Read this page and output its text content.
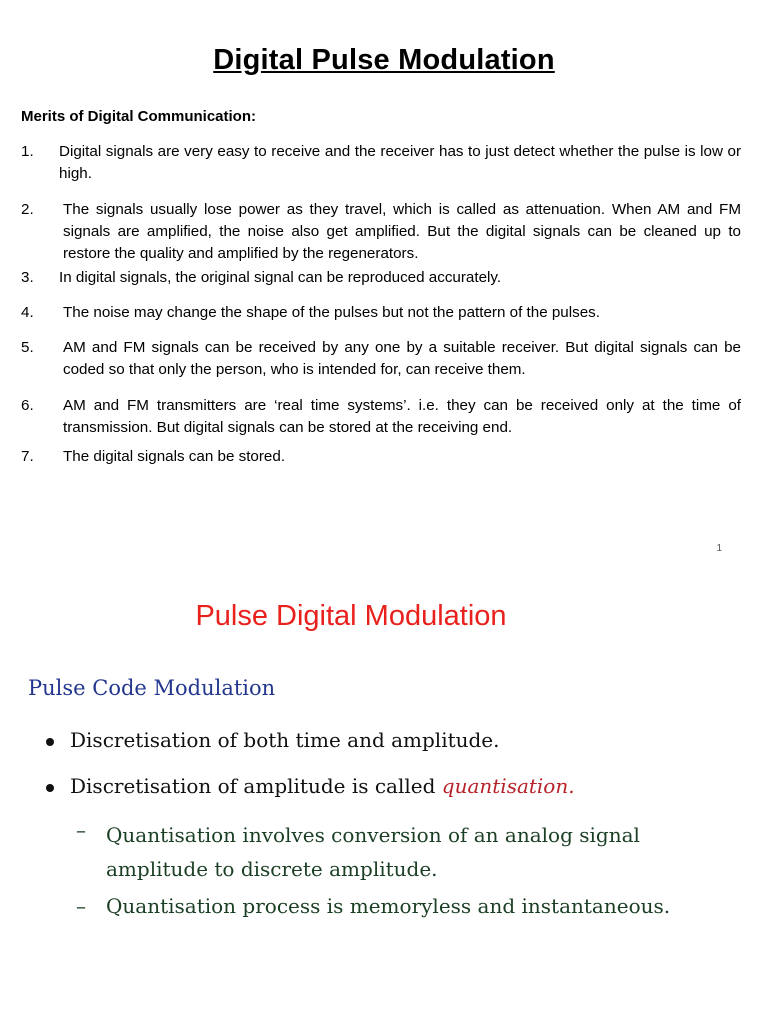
Digital Pulse Modulation
Merits of Digital Communication:
1. Digital signals are very easy to receive and the receiver has to just detect whether the pulse is low or high.
2. The signals usually lose power as they travel, which is called as attenuation. When AM and FM signals are amplified, the noise also get amplified. But the digital signals can be cleaned up to restore the quality and amplified by the regenerators.
3. In digital signals, the original signal can be reproduced accurately.
4. The noise may change the shape of the pulses but not the pattern of the pulses.
5. AM and FM signals can be received by any one by a suitable receiver. But digital signals can be coded so that only the person, who is intended for, can receive them.
6. AM and FM transmitters are ‘real time systems’. i.e. they can be received only at the time of transmission. But digital signals can be stored at the receiving end.
7. The digital signals can be stored.
1
Pulse Digital Modulation
Pulse Code Modulation
Discretisation of both time and amplitude.
Discretisation of amplitude is called quantisation.
– Quantisation involves conversion of an analog signal amplitude to discrete amplitude.
– Quantisation process is memoryless and instantaneous.
